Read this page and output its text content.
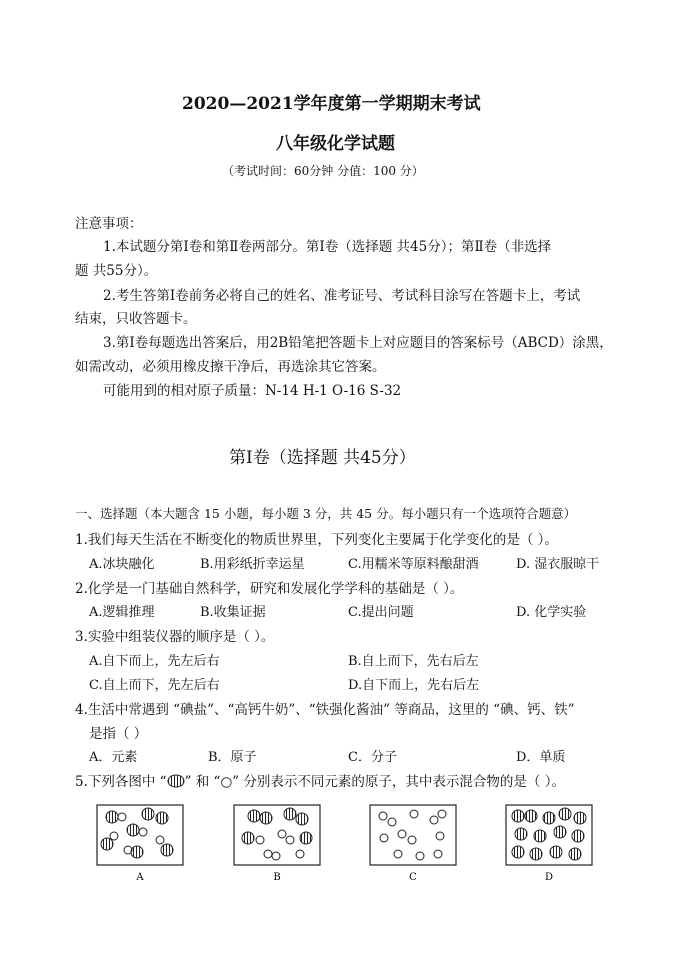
2020—2021学年度第一学期期末考试
八年级化学试题
（考试时间：60分钟 分值：100 分）
注意事项：
1.本试题分第Ⅰ卷和第Ⅱ卷两部分。第Ⅰ卷（选择题 共45分）；第Ⅱ卷（非选择
题 共55分）。
2.考生答第Ⅰ卷前务必将自己的姓名、准考证号、考试科目涂写在答题卡上，考试
结束，只收答题卡。
3.第Ⅰ卷每题选出答案后，用2B铅笔把答题卡上对应题目的答案标号（ABCD）涂黑，
如需改动，必须用橡皮擦干净后，再选涂其它答案。
可能用到的相对原子质量：N-14 H-1 O-16 S-32
第Ⅰ卷（选择题 共45分）
一、选择题（本大题含 15 小题，每小题 3 分，共 45 分。每小题只有一个选项符合题意）
1.我们每天生活在不断变化的物质世界里，下列变化主要属于化学变化的是（ ）。
A.冰块融化	B.用彩纸折幸运星	C.用糯米等原料酿甜酒	D. 湿衣服晾干
2.化学是一门基础自然科学，研究和发展化学学科的基础是（ ）。
A.逻辑推理	B.收集证据	C.提出问题	D. 化学实验
3.实验中组装仪器的顺序是（ ）。
A.自下而上，先左后右	B.自上而下，先右后左
C.自上而下，先左后右	D.自下而上，先右后左
4.生活中常遇到 “碘盐”、“高钙牛奶”、“铁强化酱油” 等商品，这里的 “碘、钙、铁”
是指（ ）
A．元素	B．原子	C．分子	D．单质
5.下列各图中 “ ” 和 “○” 分别表示不同元素的原子，其中表示混合物的是（ ）。
A	B	C	D
